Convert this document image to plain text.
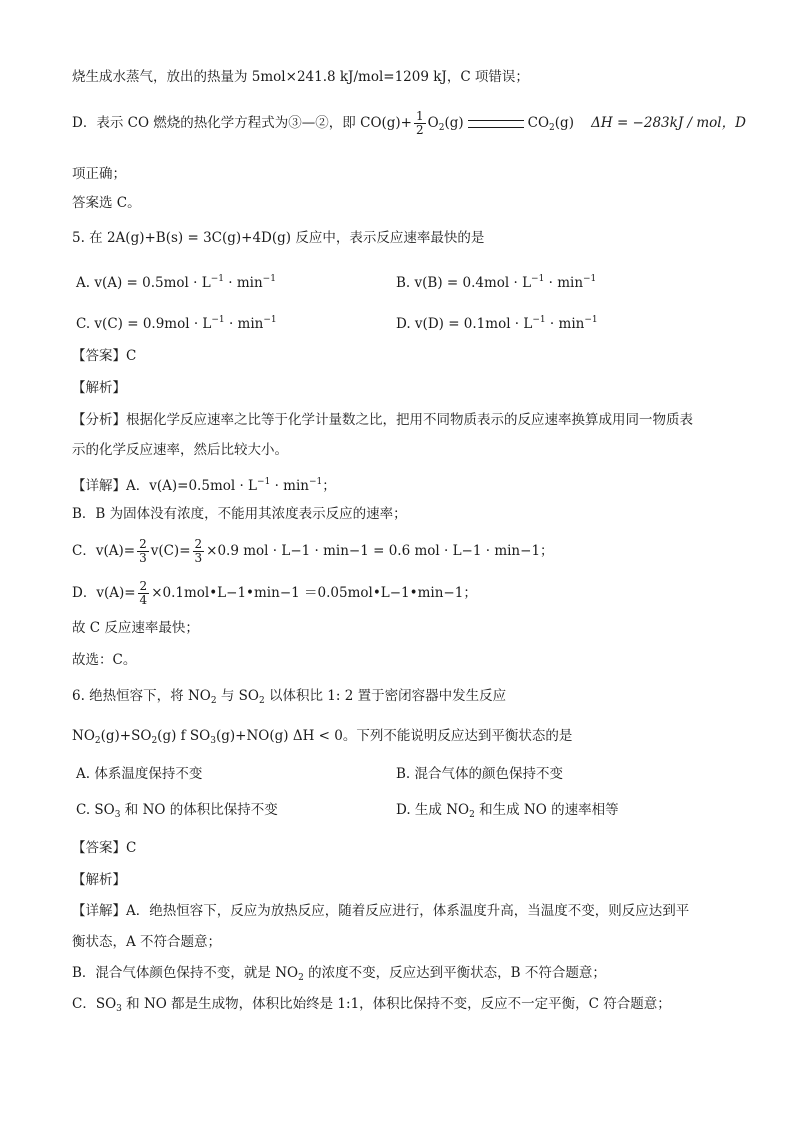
烧生成水蒸气，放出的热量为 5mol×241.8 kJ/mol=1209 kJ，C 项错误；
D．表示 CO 燃烧的热化学方程式为③—②，即 $CO(g)+ \frac{1}{2} O_2(g)$	$CO_2(g) \Delta H = -283kJ$ / mol，D
项正确；
答案选 C。
5. 在 2A(g)+B(s) = 3C(g)+4D(g) 反应中，表示反应速率最快的是
A. $v(A) = 0.5mol \cdot L^{-1} \cdot \min^{-1}$	B. $v(B) = 0.4mol \cdot L^{-1} \cdot \min^{-1}$
C. $v(C) = 0.9mol \cdot L^{-1} \cdot \min^{-1}$	D. $v(D) = 0.1mol \cdot L^{-1} \cdot \min^{-1}$
【答案】C
【解析】
【分析】根据化学反应速率之比等于化学计量数之比，把用不同物质表示的反应速率换算成用同一物质表
示的化学反应速率，然后比较大小。
【详解】A．$v(A)=0.5mol \cdot L^{-1} \cdot \min^{-1}$；
B．B 为固体没有浓度，不能用其浓度表示反应的速率；
C．$v(A)= \frac{2}{3} v(C)= \frac{2}{3} \times 0.9$ mol · L−1 · min−1 = 0.6 mol · L−1 · min−1；
D．$v(A)= \frac{2}{4}$ ×0.1mol•L−1•min−1 ＝0.05mol•L−1•min−1；
故 C 反应速率最快；
故选：C。
6. 绝热恒容下，将 $NO_2$ 与 $SO_2$ 以体积比 1: 2 置于密闭容器中发生反应
$NO_2(g)+SO_2(g)$ f $SO_3(g)+NO(g) \Delta H < 0$。下列不能说明反应达到平衡状态的是
A. 体系温度保持不变	B. 混合气体的颜色保持不变
C. $SO_3$ 和 NO 的体积比保持不变	D. 生成 $NO_2$ 和生成 NO 的速率相等
【答案】C
【解析】
【详解】A．绝热恒容下，反应为放热反应，随着反应进行，体系温度升高，当温度不变，则反应达到平
衡状态，A 不符合题意；
B．混合气体颜色保持不变，就是 $NO_2$ 的浓度不变，反应达到平衡状态，B 不符合题意；
C．$SO_3$ 和 NO 都是生成物，体积比始终是 1:1，体积比保持不变，反应不一定平衡，C 符合题意；
